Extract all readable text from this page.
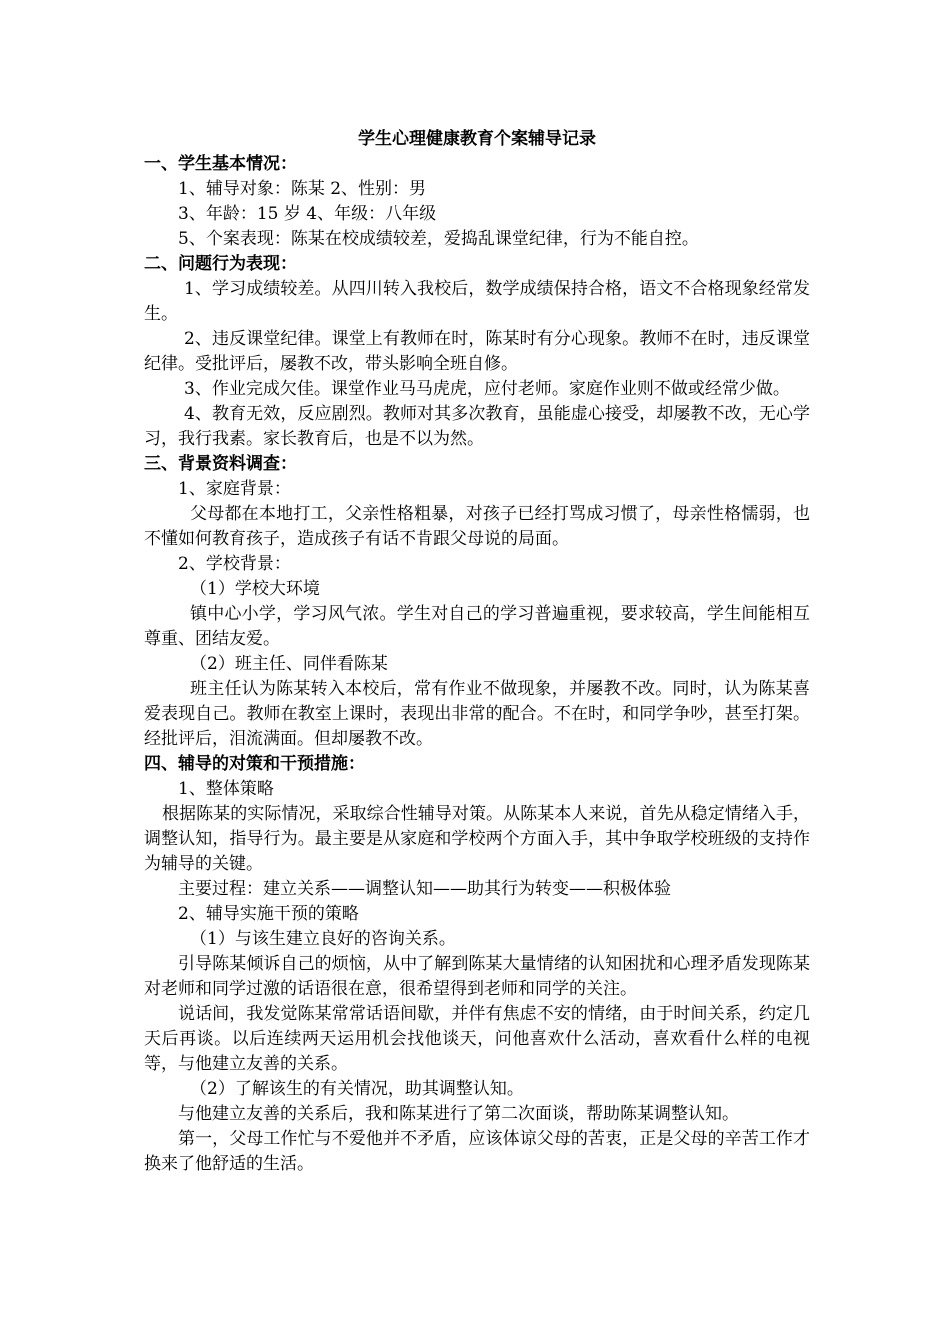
学生心理健康教育个案辅导记录

一、学生基本情况：

1、辅导对象：陈某 2、性别：男

3、年龄：15 岁 4、年级：八年级

5、个案表现：陈某在校成绩较差，爱捣乱课堂纪律，行为不能自控。

二、问题行为表现：

1、学习成绩较差。从四川转入我校后，数学成绩保持合格，语文不合格现象经常发生。

2、违反课堂纪律。课堂上有教师在时，陈某时有分心现象。教师不在时，违反课堂纪律。受批评后，屡教不改，带头影响全班自修。

3、作业完成欠佳。课堂作业马马虎虎，应付老师。家庭作业则不做或经常少做。

4、教育无效，反应剧烈。教师对其多次教育，虽能虚心接受，却屡教不改，无心学习，我行我素。家长教育后，也是不以为然。

三、背景资料调查：

1、家庭背景：

父母都在本地打工，父亲性格粗暴，对孩子已经打骂成习惯了，母亲性格懦弱，也不懂如何教育孩子，造成孩子有话不肯跟父母说的局面。

2、学校背景：

（1）学校大环境

镇中心小学，学习风气浓。学生对自己的学习普遍重视，要求较高，学生间能相互尊重、团结友爱。

（2）班主任、同伴看陈某

班主任认为陈某转入本校后，常有作业不做现象，并屡教不改。同时，认为陈某喜爱表现自己。教师在教室上课时，表现出非常的配合。不在时，和同学争吵，甚至打架。经批评后，泪流满面。但却屡教不改。

四、辅导的对策和干预措施：

1、整体策略

根据陈某的实际情况，采取综合性辅导对策。从陈某本人来说，首先从稳定情绪入手，调整认知，指导行为。最主要是从家庭和学校两个方面入手，其中争取学校班级的支持作为辅导的关键。

主要过程：建立关系——调整认知——助其行为转变——积极体验

2、辅导实施干预的策略

（1）与该生建立良好的咨询关系。

引导陈某倾诉自己的烦恼，从中了解到陈某大量情绪的认知困扰和心理矛盾发现陈某对老师和同学过激的话语很在意，很希望得到老师和同学的关注。

说话间，我发觉陈某常常话语间歇，并伴有焦虑不安的情绪，由于时间关系，约定几天后再谈。以后连续两天运用机会找他谈天，问他喜欢什么活动，喜欢看什么样的电视等，与他建立友善的关系。

（2）了解该生的有关情况，助其调整认知。

与他建立友善的关系后，我和陈某进行了第二次面谈，帮助陈某调整认知。

第一，父母工作忙与不爱他并不矛盾，应该体谅父母的苦衷，正是父母的辛苦工作才换来了他舒适的生活。
